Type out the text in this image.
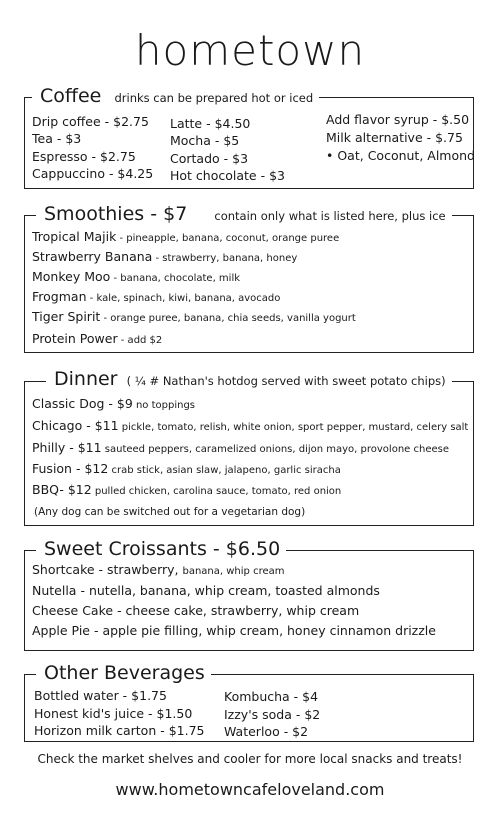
hometown
Coffee drinks can be prepared hot or iced
Drip coffee - $2.75
Tea - $3
Espresso - $2.75
Cappuccino - $4.25
Latte - $4.50
Mocha - $5
Cortado - $3
Hot chocolate - $3
Add flavor syrup - $.50
Milk alternative - $.75
• Oat, Coconut, Almond
Smoothies - $7 contain only what is listed here, plus ice
Tropical Majik - pineapple, banana, coconut, orange puree
Strawberry Banana - strawberry, banana, honey
Monkey Moo - banana, chocolate, milk
Frogman - kale, spinach, kiwi, banana, avocado
Tiger Spirit - orange puree, banana, chia seeds, vanilla yogurt
Protein Power - add $2
Dinner ( ¼ # Nathan's hotdog served with sweet potato chips)
Classic Dog - $9 no toppings
Chicago - $11 pickle, tomato, relish, white onion, sport pepper, mustard, celery salt
Philly - $11 sauteed peppers, caramelized onions, dijon mayo, provolone cheese
Fusion - $12 crab stick, asian slaw, jalapeno, garlic siracha
BBQ- $12 pulled chicken, carolina sauce, tomato, red onion
(Any dog can be switched out for a vegetarian dog)
Sweet Croissants - $6.50
Shortcake - strawberry, banana, whip cream
Nutella - nutella, banana, whip cream, toasted almonds
Cheese Cake - cheese cake, strawberry, whip cream
Apple Pie - apple pie filling, whip cream, honey cinnamon drizzle
Other Beverages
Bottled water - $1.75
Honest kid's juice - $1.50
Horizon milk carton - $1.75
Kombucha - $4
Izzy's soda - $2
Waterloo - $2
Check the market shelves and cooler for more local snacks and treats!
www.hometowncafeloveland.com
